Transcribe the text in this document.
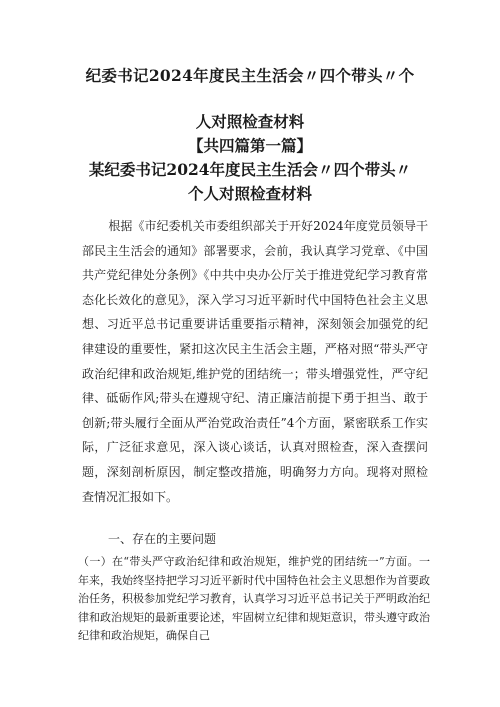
纪委书记2024年度民主生活会〃四个带头〃个
人对照检查材料
【共四篇第一篇】
某纪委书记2024年度民主生活会〃四个带头〃
个人对照检查材料
根据《市纪委机关市委组织部关于开好2024年度党员领导干部民主生活会的通知》部署要求，会前，我认真学习党章、《中国共产党纪律处分条例》《中共中央办公厅关于推进党纪学习教育常态化长效化的意见》，深入学习习近平新时代中国特色社会主义思想、习近平总书记重要讲话重要指示精神，深刻领会加强党的纪律建设的重要性，紧扣这次民主生活会主题，严格对照“带头严守政治纪律和政治规矩,维护党的团结统一；带头增强党性，严守纪律、砥砺作风;带头在遵规守纪、清正廉洁前提下勇于担当、敢于创新;带头履行全面从严治党政治责任”4个方面，紧密联系工作实际，广泛征求意见，深入谈心谈话，认真对照检查，深入查摆问题，深刻剖析原因，制定整改措施，明确努力方向。现将对照检查情况汇报如下。
一、存在的主要问题
（一）在“带头严守政治纪律和政治规矩，维护党的团结统一”方面。一年来，我始终坚持把学习习近平新时代中国特色社会主义思想作为首要政治任务，积极参加党纪学习教育，认真学习习近平总书记关于严明政治纪律和政治规矩的最新重要论述，牢固树立纪律和规矩意识，带头遵守政治纪律和政治规矩，确保自己
